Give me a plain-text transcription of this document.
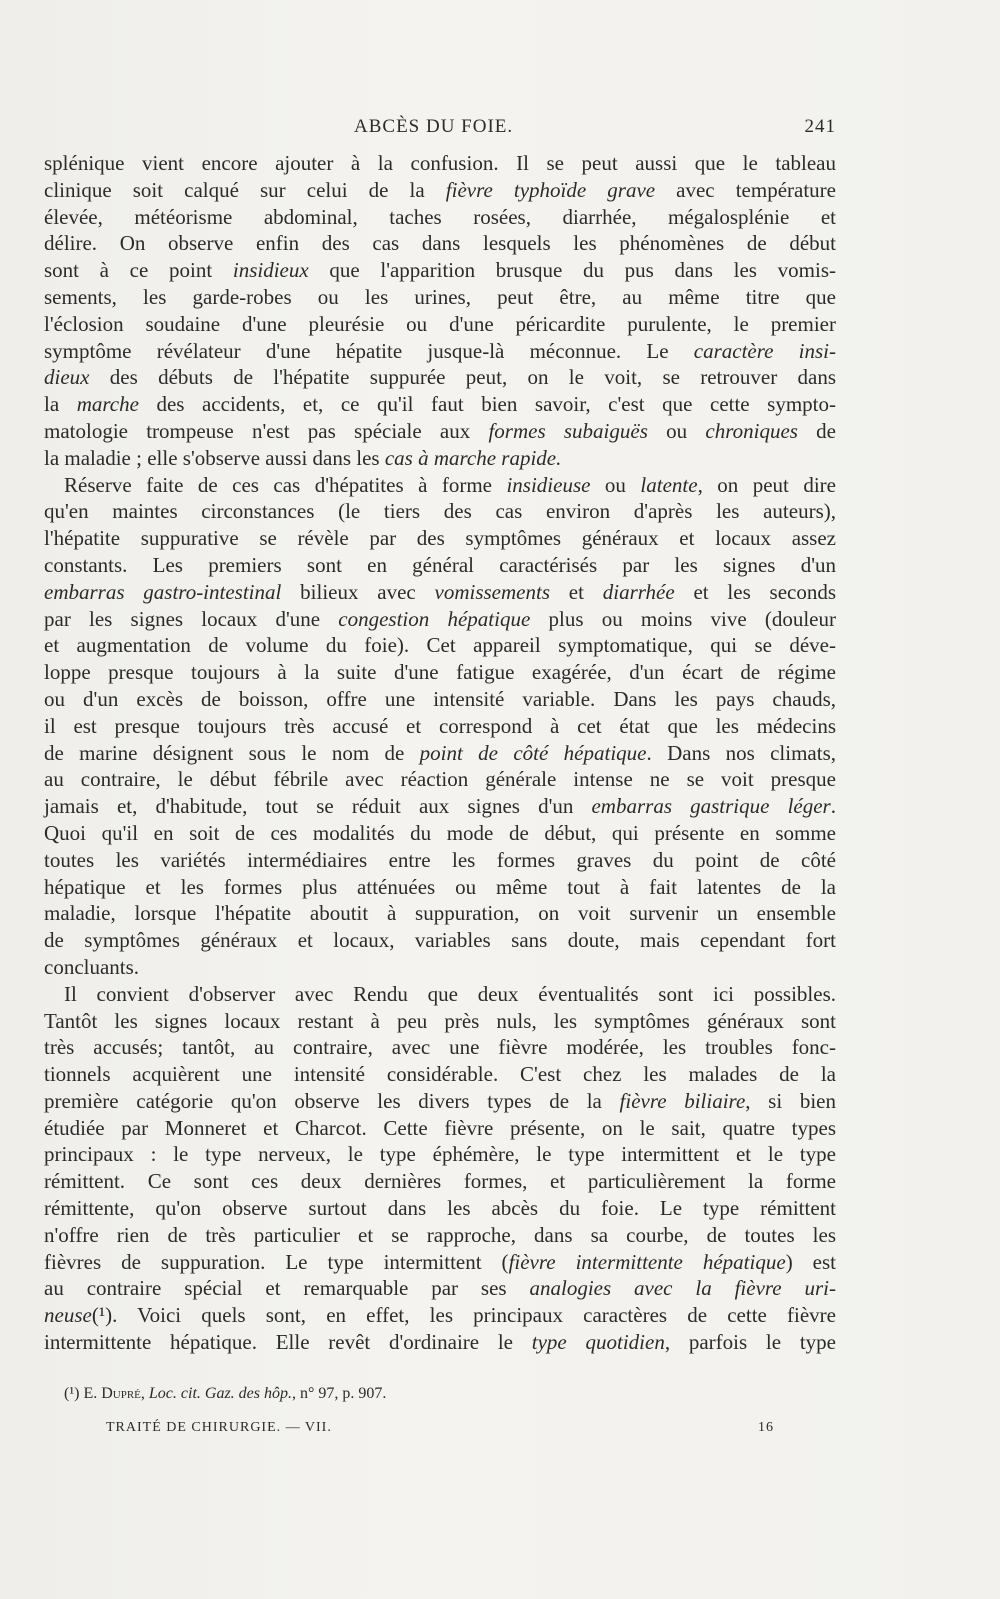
ABCÈS DU FOIE.	241
splénique vient encore ajouter à la confusion. Il se peut aussi que le tableau
clinique soit calqué sur celui de la fièvre typhoïde grave avec température
élevée, météorisme abdominal, taches rosées, diarrhée, mégalosplénie et
délire. On observe enfin des cas dans lesquels les phénomènes de début
sont à ce point insidieux que l'apparition brusque du pus dans les vomis-
sements, les garde-robes ou les urines, peut être, au même titre que
l'éclosion soudaine d'une pleurésie ou d'une péricardite purulente, le premier
symptôme révélateur d'une hépatite jusque-là méconnue. Le caractère insi-
dieux des débuts de l'hépatite suppurée peut, on le voit, se retrouver dans
la marche des accidents, et, ce qu'il faut bien savoir, c'est que cette sympto-
matologie trompeuse n'est pas spéciale aux formes subaiguës ou chroniques de
la maladie ; elle s'observe aussi dans les cas à marche rapide.
Réserve faite de ces cas d'hépatites à forme insidieuse ou latente, on peut dire
qu'en maintes circonstances (le tiers des cas environ d'après les auteurs),
l'hépatite suppurative se révèle par des symptômes généraux et locaux assez
constants. Les premiers sont en général caractérisés par les signes d'un
embarras gastro-intestinal bilieux avec vomissements et diarrhée et les seconds
par les signes locaux d'une congestion hépatique plus ou moins vive (douleur
et augmentation de volume du foie). Cet appareil symptomatique, qui se déve-
loppe presque toujours à la suite d'une fatigue exagérée, d'un écart de régime
ou d'un excès de boisson, offre une intensité variable. Dans les pays chauds,
il est presque toujours très accusé et correspond à cet état que les médecins
de marine désignent sous le nom de point de côté hépatique. Dans nos climats,
au contraire, le début fébrile avec réaction générale intense ne se voit presque
jamais et, d'habitude, tout se réduit aux signes d'un embarras gastrique léger.
Quoi qu'il en soit de ces modalités du mode de début, qui présente en somme
toutes les variétés intermédiaires entre les formes graves du point de côté
hépatique et les formes plus atténuées ou même tout à fait latentes de la
maladie, lorsque l'hépatite aboutit à suppuration, on voit survenir un ensemble
de symptômes généraux et locaux, variables sans doute, mais cependant fort
concluants.
Il convient d'observer avec Rendu que deux éventualités sont ici possibles.
Tantôt les signes locaux restant à peu près nuls, les symptômes généraux sont
très accusés; tantôt, au contraire, avec une fièvre modérée, les troubles fonc-
tionnels acquièrent une intensité considérable. C'est chez les malades de la
première catégorie qu'on observe les divers types de la fièvre biliaire, si bien
étudiée par Monneret et Charcot. Cette fièvre présente, on le sait, quatre types
principaux : le type nerveux, le type éphémère, le type intermittent et le type
rémittent. Ce sont ces deux dernières formes, et particulièrement la forme
rémittente, qu'on observe surtout dans les abcès du foie. Le type rémittent
n'offre rien de très particulier et se rapproche, dans sa courbe, de toutes les
fièvres de suppuration. Le type intermittent (fièvre intermittente hépatique) est
au contraire spécial et remarquable par ses analogies avec la fièvre uri-
neuse(¹). Voici quels sont, en effet, les principaux caractères de cette fièvre
intermittente hépatique. Elle revêt d'ordinaire le type quotidien, parfois le type
(¹) E. Dupré, Loc. cit. Gaz. des hôp., n° 97, p. 907.
TRAITÉ DE CHIRURGIE. — VII.	16
